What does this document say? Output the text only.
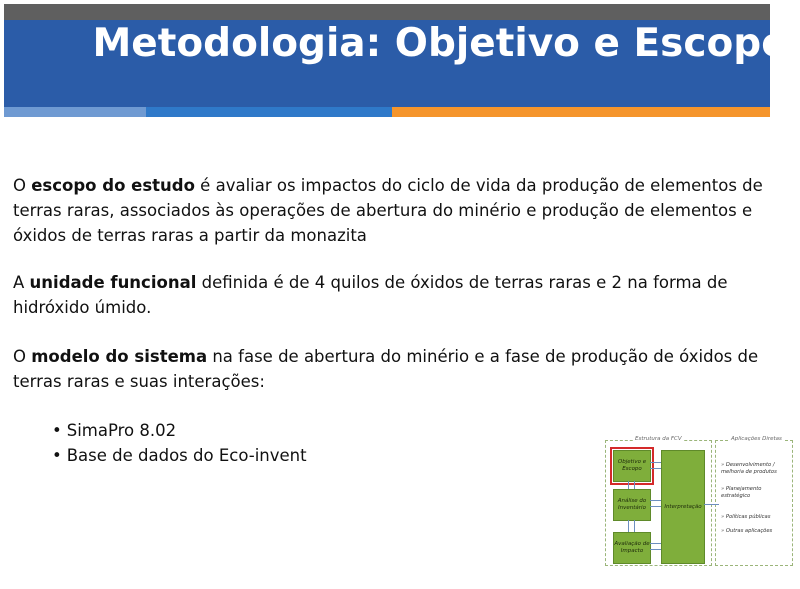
Metodologia: Objetivo e Escopo

O escopo do estudo é avaliar os impactos do ciclo de vida da produção de elementos de terras raras, associados às operações de abertura do minério e produção de elementos e óxidos de terras raras a partir da monazita

A unidade funcional definida é de 4 quilos de óxidos de terras raras e 2 na forma de hidróxido úmido.

O modelo do sistema na fase de abertura do minério e a fase de produção de óxidos de terras raras e suas interações:

• SimaPro 8.02
• Base de dados do Eco-invent
Estrutura da FCV	Aplicações Diretas
Objetivo e Escopo
Análise do Inventário
Avaliação de Impacto
Interpretação
» Desenvolvimento / melhoria de produtos
» Planejamento estratégico
» Políticas públicas
» Outras aplicações
